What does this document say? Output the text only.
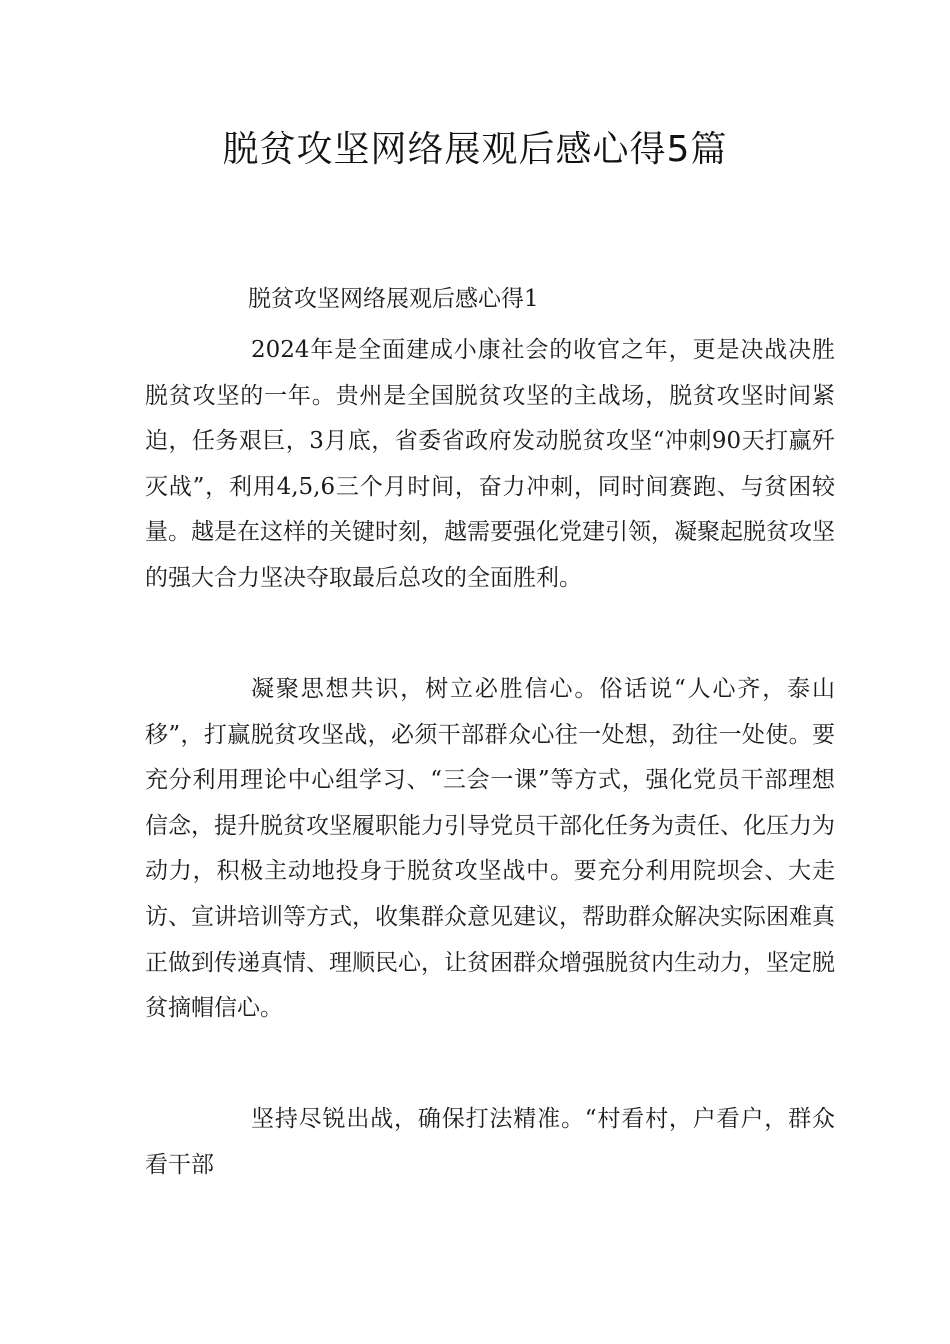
脱贫攻坚网络展观后感心得5篇

脱贫攻坚网络展观后感心得1

2024年是全面建成小康社会的收官之年，更是决战决胜脱贫攻坚的一年。贵州是全国脱贫攻坚的主战场，脱贫攻坚时间紧迫，任务艰巨，3月底，省委省政府发动脱贫攻坚“冲刺90天打赢歼灭战”，利用4,5,6三个月时间，奋力冲刺，同时间赛跑、与贫困较量。越是在这样的关键时刻，越需要强化党建引领，凝聚起脱贫攻坚的强大合力坚决夺取最后总攻的全面胜利。

凝聚思想共识，树立必胜信心。俗话说“人心齐，泰山移”，打赢脱贫攻坚战，必须干部群众心往一处想，劲往一处使。要充分利用理论中心组学习、“三会一课”等方式，强化党员干部理想信念，提升脱贫攻坚履职能力引导党员干部化任务为责任、化压力为动力，积极主动地投身于脱贫攻坚战中。要充分利用院坝会、大走访、宣讲培训等方式，收集群众意见建议，帮助群众解决实际困难真正做到传递真情、理顺民心，让贫困群众增强脱贫内生动力，坚定脱贫摘帽信心。

坚持尽锐出战，确保打法精准。“村看村，户看户，群众看干部
